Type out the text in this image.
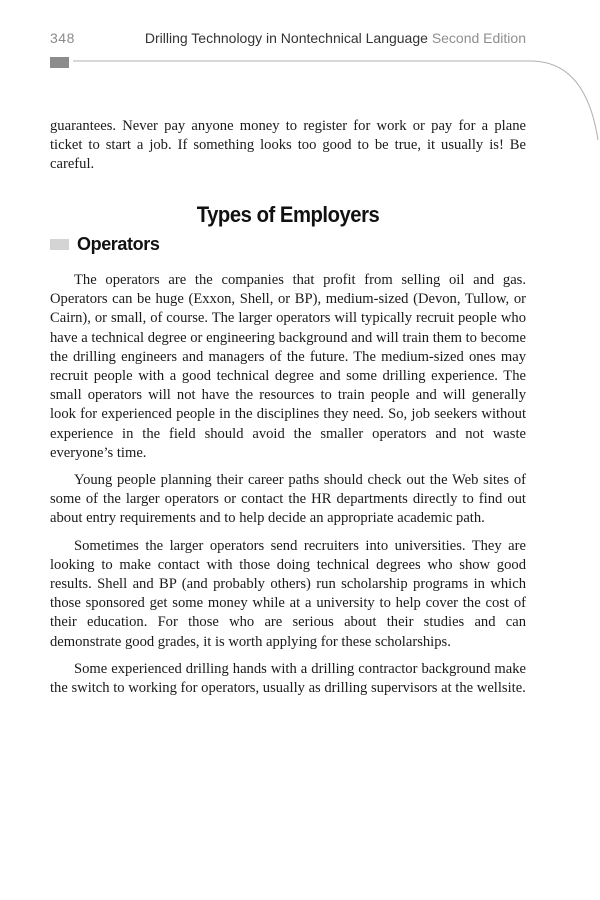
348	Drilling Technology in Nontechnical Language Second Edition

guarantees. Never pay anyone money to register for work or pay for a plane ticket to start a job. If something looks too good to be true, it usually is! Be careful.

Types of Employers
Operators

The operators are the companies that profit from selling oil and gas. Operators can be huge (Exxon, Shell, or BP), medium-sized (Devon, Tullow, or Cairn), or small, of course. The larger operators will typically recruit people who have a technical degree or engineering background and will train them to become the drilling engineers and managers of the future. The medium-sized ones may recruit people with a good technical degree and some drilling experience. The small operators will not have the resources to train people and will generally look for experienced people in the disciplines they need. So, job seekers without experience in the field should avoid the smaller operators and not waste everyone’s time.

Young people planning their career paths should check out the Web sites of some of the larger operators or contact the HR departments directly to find out about entry requirements and to help decide an appropriate academic path.

Sometimes the larger operators send recruiters into universities. They are looking to make contact with those doing technical degrees who show good results. Shell and BP (and probably others) run scholarship programs in which those sponsored get some money while at a university to help cover the cost of their education. For those who are serious about their studies and can demonstrate good grades, it is worth applying for these scholarships.

Some experienced drilling hands with a drilling contractor background make the switch to working for operators, usually as drilling supervisors at the wellsite.
